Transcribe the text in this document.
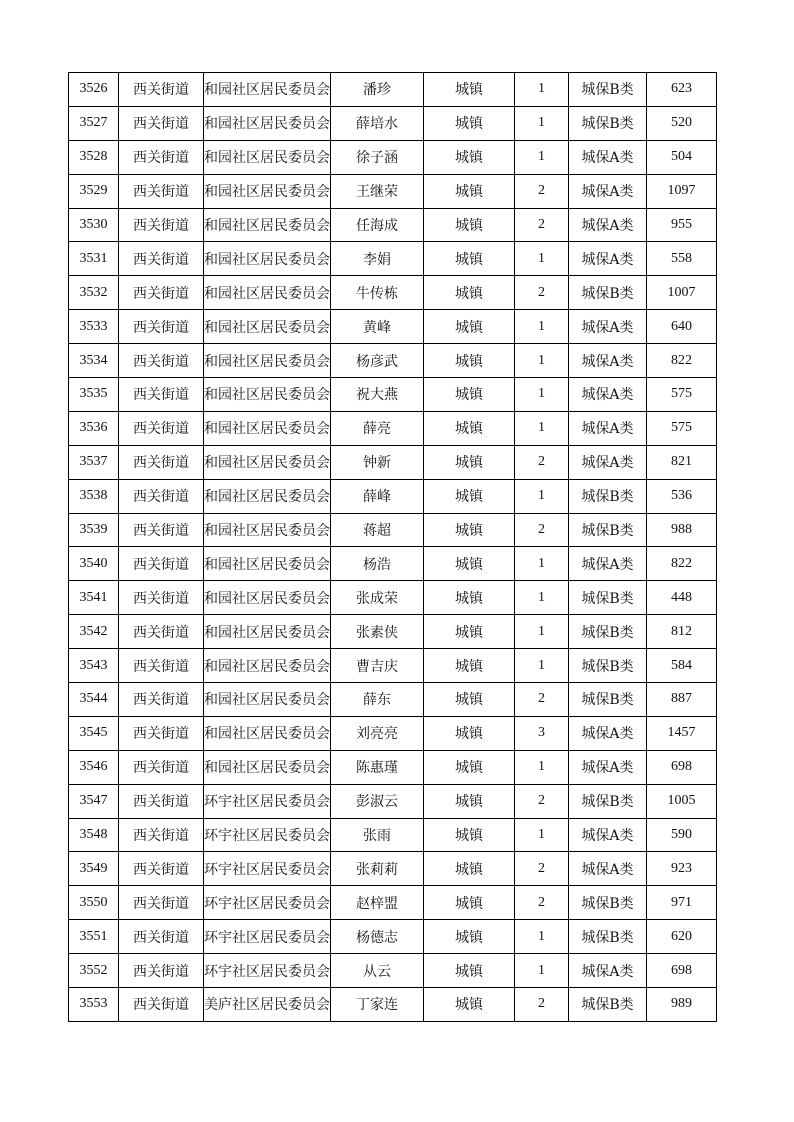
3526	西关街道	和园社区居民委员会	潘珍	城镇	1	城保B类	623
3527	西关街道	和园社区居民委员会	薛培水	城镇	1	城保B类	520
3528	西关街道	和园社区居民委员会	徐子涵	城镇	1	城保A类	504
3529	西关街道	和园社区居民委员会	王继荣	城镇	2	城保A类	1097
3530	西关街道	和园社区居民委员会	任海成	城镇	2	城保A类	955
3531	西关街道	和园社区居民委员会	李娟	城镇	1	城保A类	558
3532	西关街道	和园社区居民委员会	牛传栋	城镇	2	城保B类	1007
3533	西关街道	和园社区居民委员会	黄峰	城镇	1	城保A类	640
3534	西关街道	和园社区居民委员会	杨彦武	城镇	1	城保A类	822
3535	西关街道	和园社区居民委员会	祝大燕	城镇	1	城保A类	575
3536	西关街道	和园社区居民委员会	薛亮	城镇	1	城保A类	575
3537	西关街道	和园社区居民委员会	钟新	城镇	2	城保A类	821
3538	西关街道	和园社区居民委员会	薛峰	城镇	1	城保B类	536
3539	西关街道	和园社区居民委员会	蒋超	城镇	2	城保B类	988
3540	西关街道	和园社区居民委员会	杨浩	城镇	1	城保A类	822
3541	西关街道	和园社区居民委员会	张成荣	城镇	1	城保B类	448
3542	西关街道	和园社区居民委员会	张素侠	城镇	1	城保B类	812
3543	西关街道	和园社区居民委员会	曹吉庆	城镇	1	城保B类	584
3544	西关街道	和园社区居民委员会	薛东	城镇	2	城保B类	887
3545	西关街道	和园社区居民委员会	刘亮亮	城镇	3	城保A类	1457
3546	西关街道	和园社区居民委员会	陈惠瑾	城镇	1	城保A类	698
3547	西关街道	环宇社区居民委员会	彭淑云	城镇	2	城保B类	1005
3548	西关街道	环宇社区居民委员会	张雨	城镇	1	城保A类	590
3549	西关街道	环宇社区居民委员会	张莉莉	城镇	2	城保A类	923
3550	西关街道	环宇社区居民委员会	赵梓盟	城镇	2	城保B类	971
3551	西关街道	环宇社区居民委员会	杨德志	城镇	1	城保B类	620
3552	西关街道	环宇社区居民委员会	从云	城镇	1	城保A类	698
3553	西关街道	美庐社区居民委员会	丁家连	城镇	2	城保B类	989
